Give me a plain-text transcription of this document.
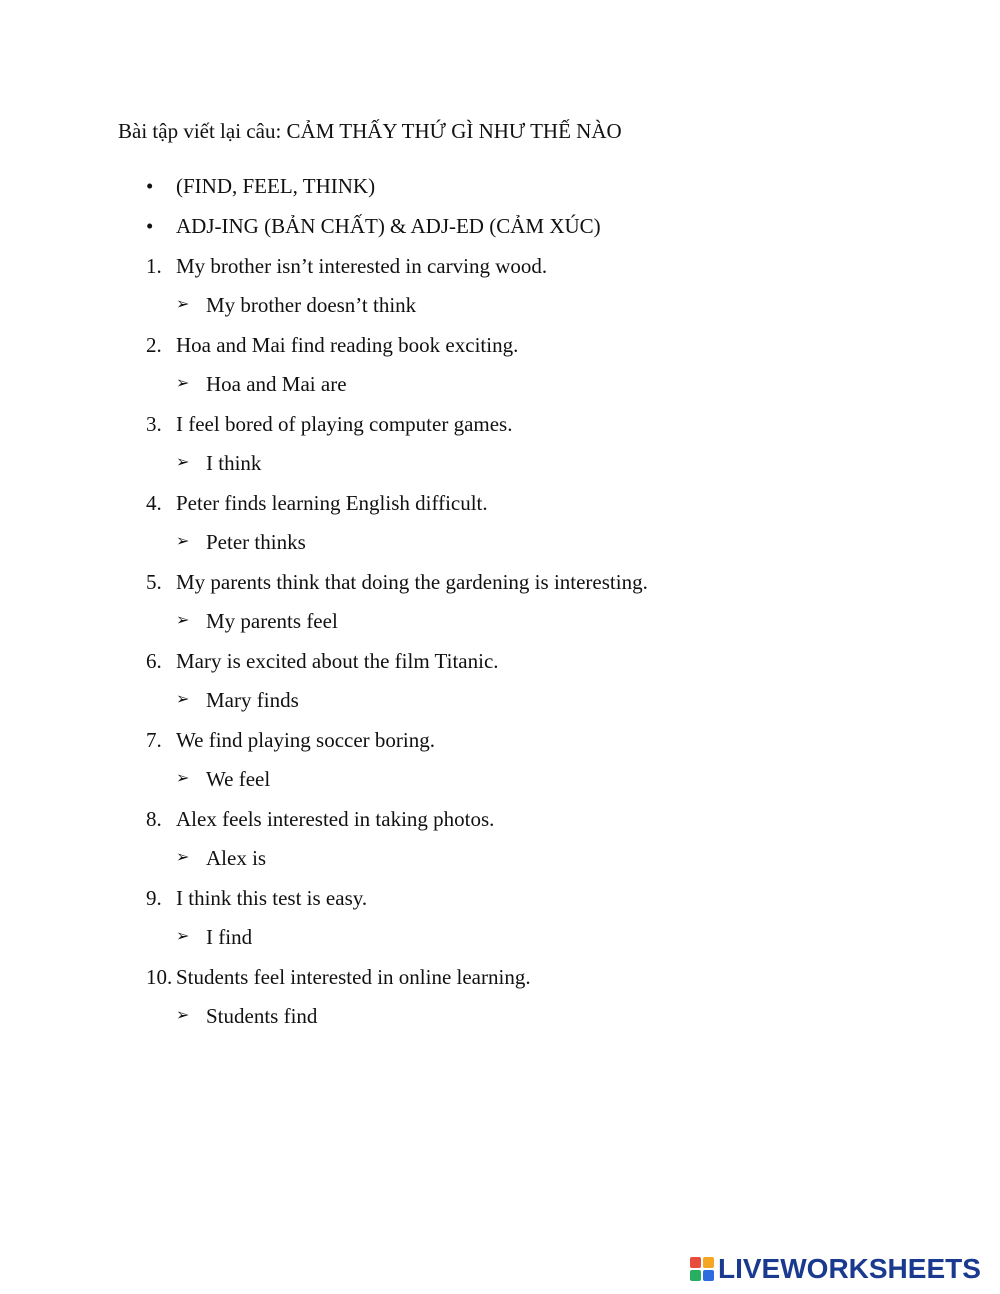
Bài tập viết lại câu: CẢM THẤY THỨ GÌ NHƯ THẾ NÀO
• (FIND, FEEL, THINK)
• ADJ-ING (BẢN CHẤT) & ADJ-ED (CẢM XÚC)
1. My brother isn’t interested in carving wood.
➢ My brother doesn’t think
2. Hoa and Mai find reading book exciting.
➢ Hoa and Mai are
3. I feel bored of playing computer games.
➢ I think
4. Peter finds learning English difficult.
➢ Peter thinks
5. My parents think that doing the gardening is interesting.
➢ My parents feel
6. Mary is excited about the film Titanic.
➢ Mary finds
7. We find playing soccer boring.
➢ We feel
8. Alex feels interested in taking photos.
➢ Alex is
9. I think this test is easy.
➢ I find
10. Students feel interested in online learning.
➢ Students find
LIVEWORKSHEETS
